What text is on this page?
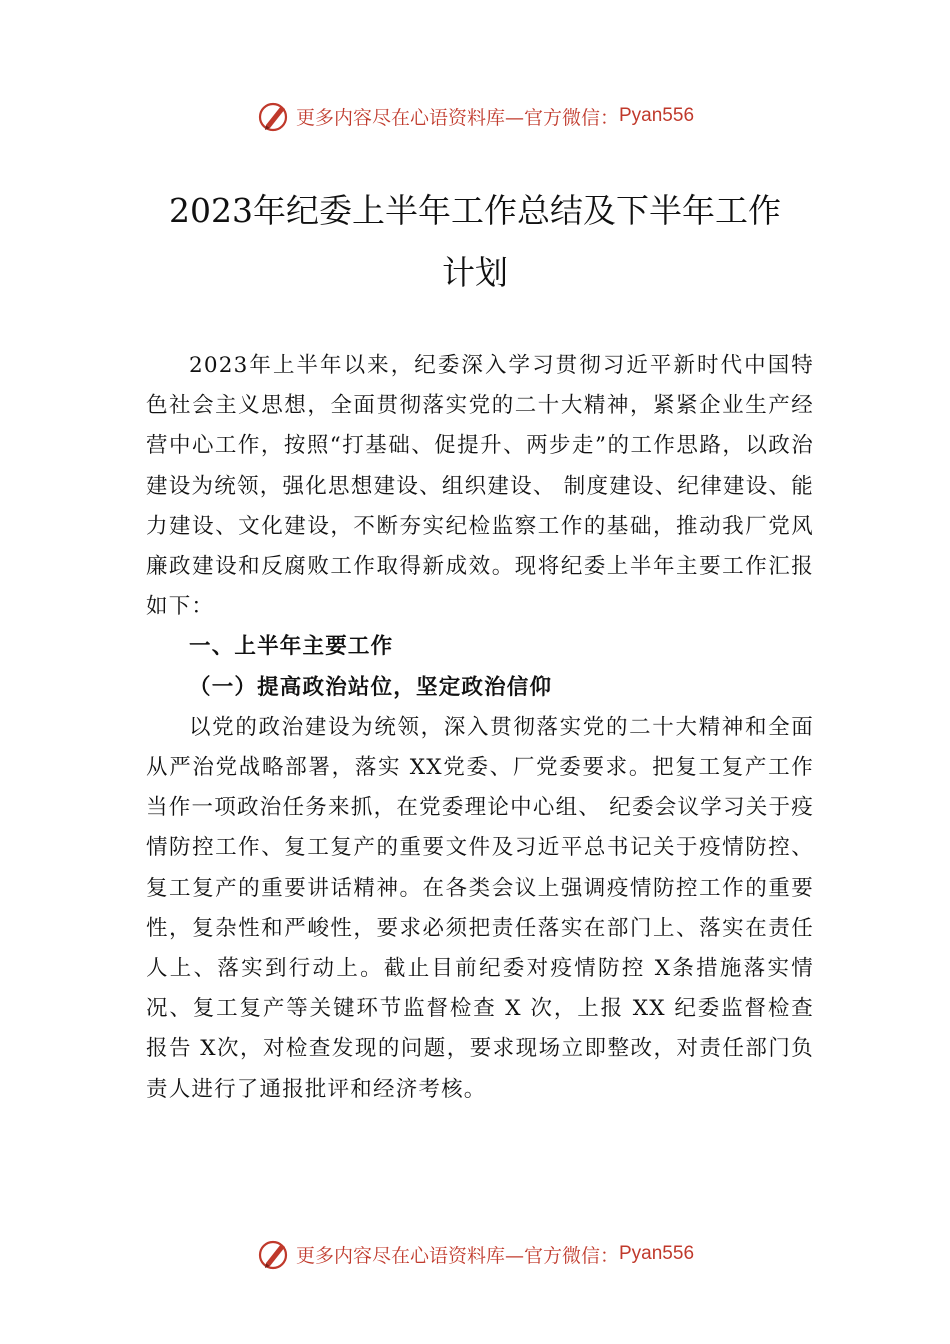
更多内容尽在心语资料库—官方微信： Pyan556
2023年纪委上半年工作总结及下半年工作
计划

2023年上半年以来，纪委深入学习贯彻习近平新时代中国特色社会主义思想，全面贯彻落实党的二十大精神，紧紧企业生产经营中心工作，按照“打基础、促提升、两步走”的工作思路，以政治建设为统领，强化思想建设、组织建设、 制度建设、纪律建设、能力建设、文化建设，不断夯实纪检监察工作的基础，推动我厂党风廉政建设和反腐败工作取得新成效。现将纪委上半年主要工作汇报如下：

一、上半年主要工作

（一）提高政治站位，坚定政治信仰

以党的政治建设为统领，深入贯彻落实党的二十大精神和全面从严治党战略部署，落实 XX党委、厂党委要求。把复工复产工作当作一项政治任务来抓，在党委理论中心组、 纪委会议学习关于疫情防控工作、复工复产的重要文件及习近平总书记关于疫情防控、复工复产的重要讲话精神。在各类会议上强调疫情防控工作的重要性，复杂性和严峻性，要求必须把责任落实在部门上、落实在责任人上、落实到行动上。截止目前纪委对疫情防控 X条措施落实情况、复工复产等关键环节监督检查 X 次，上报 XX 纪委监督检查报告 X次，对检查发现的问题，要求现场立即整改，对责任部门负责人进行了通报批评和经济考核。

更多内容尽在心语资料库—官方微信： Pyan556
